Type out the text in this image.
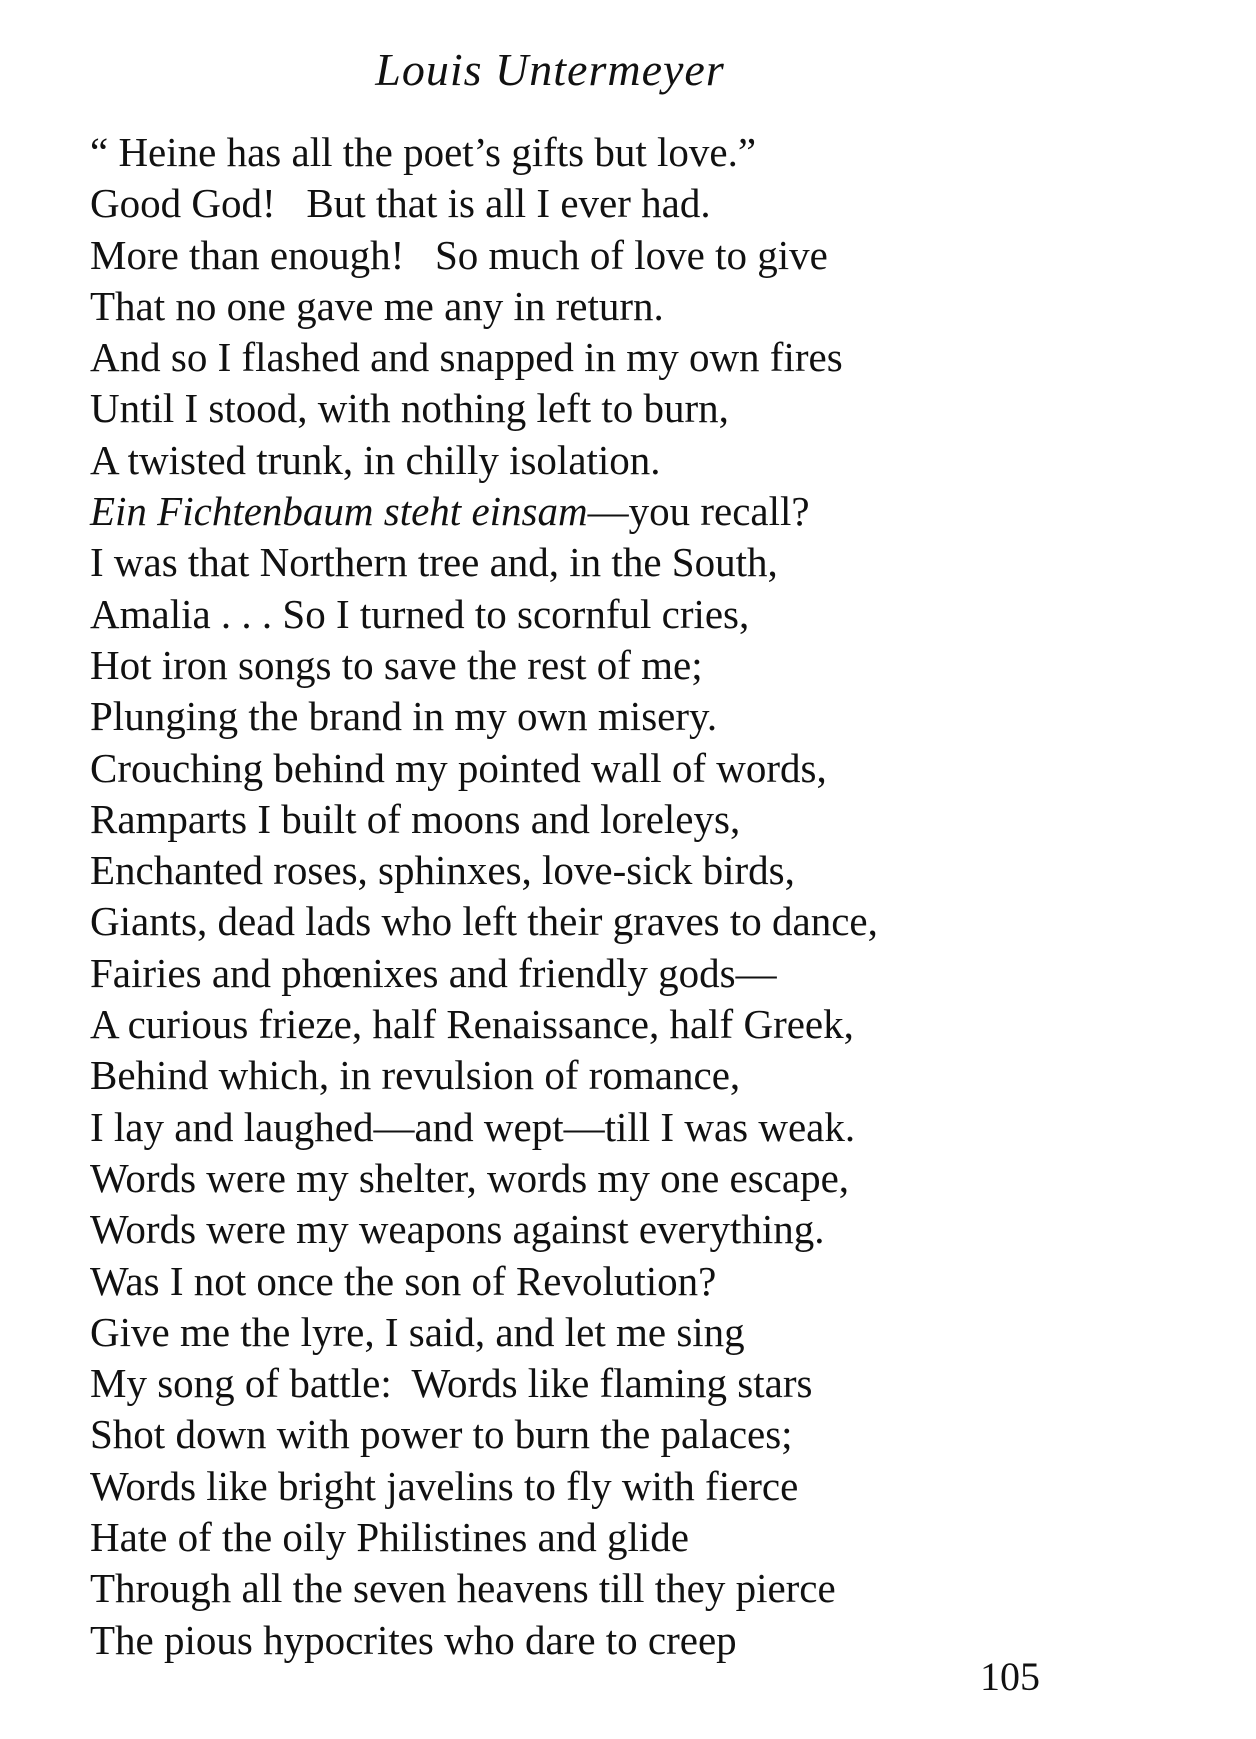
Louis Untermeyer
“ Heine has all the poet’s gifts but love.”
Good God!   But that is all I ever had.
More than enough!   So much of love to give
That no one gave me any in return.
And so I flashed and snapped in my own fires
Until I stood, with nothing left to burn,
A twisted trunk, in chilly isolation.
Ein Fichtenbaum steht einsam—you recall?
I was that Northern tree and, in the South,
Amalia . . . So I turned to scornful cries,
Hot iron songs to save the rest of me;
Plunging the brand in my own misery.
Crouching behind my pointed wall of words,
Ramparts I built of moons and loreleys,
Enchanted roses, sphinxes, love-sick birds,
Giants, dead lads who left their graves to dance,
Fairies and phœnixes and friendly gods—
A curious frieze, half Renaissance, half Greek,
Behind which, in revulsion of romance,
I lay and laughed—and wept—till I was weak.
Words were my shelter, words my one escape,
Words were my weapons against everything.
Was I not once the son of Revolution?
Give me the lyre, I said, and let me sing
My song of battle:  Words like flaming stars
Shot down with power to burn the palaces;
Words like bright javelins to fly with fierce
Hate of the oily Philistines and glide
Through all the seven heavens till they pierce
The pious hypocrites who dare to creep
105
